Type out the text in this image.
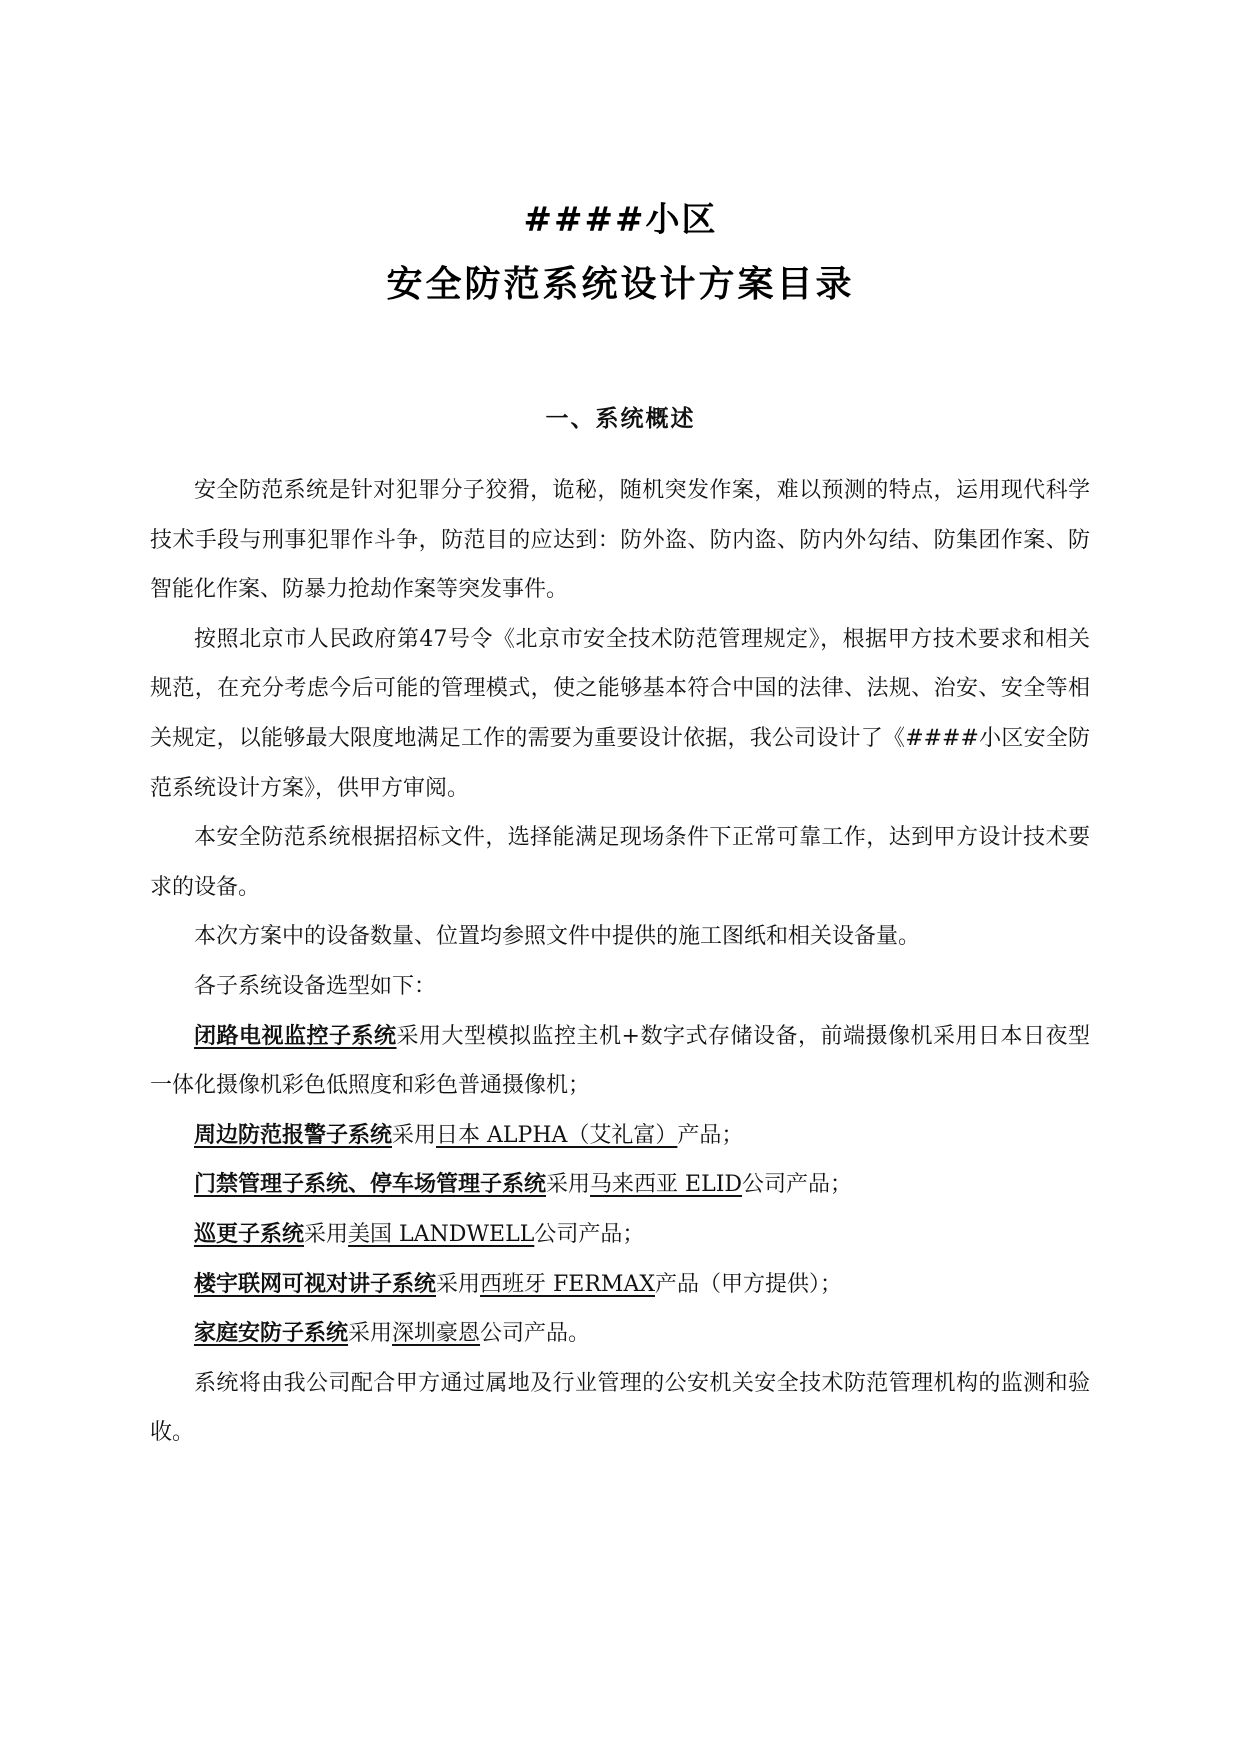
####小区
安全防范系统设计方案目录
一、系统概述

安全防范系统是针对犯罪分子狡猾，诡秘，随机突发作案，难以预测的特点，运用现代科学技术手段与刑事犯罪作斗争，防范目的应达到：防外盗、防内盗、防内外勾结、防集团作案、防智能化作案、防暴力抢劫作案等突发事件。

按照北京市人民政府第47号令《北京市安全技术防范管理规定》，根据甲方技术要求和相关规范，在充分考虑今后可能的管理模式，使之能够基本符合中国的法律、法规、治安、安全等相关规定，以能够最大限度地满足工作的需要为重要设计依据，我公司设计了《####小区安全防范系统设计方案》，供甲方审阅。

本安全防范系统根据招标文件，选择能满足现场条件下正常可靠工作，达到甲方设计技术要求的设备。

本次方案中的设备数量、位置均参照文件中提供的施工图纸和相关设备量。

各子系统设备选型如下：

闭路电视监控子系统采用大型模拟监控主机+数字式存储设备，前端摄像机采用日本日夜型一体化摄像机彩色低照度和彩色普通摄像机；

周边防范报警子系统采用日本 ALPHA（艾礼富）产品；

门禁管理子系统、停车场管理子系统采用马来西亚 ELID公司产品；

巡更子系统采用美国 LANDWELL公司产品；

楼宇联网可视对讲子系统采用西班牙 FERMAX产品（甲方提供）；

家庭安防子系统采用深圳豪恩公司产品。

系统将由我公司配合甲方通过属地及行业管理的公安机关安全技术防范管理机构的监测和验收。
